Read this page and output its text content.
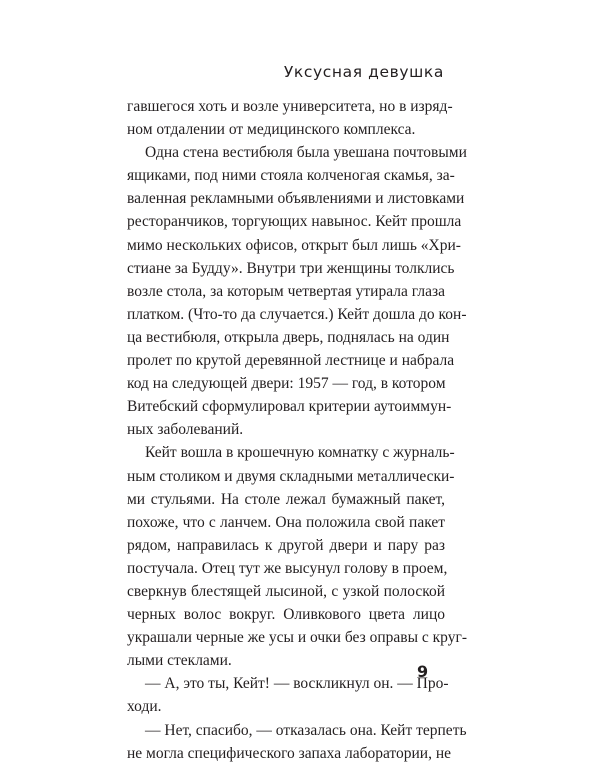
Уксусная девушка

гавшегося хоть и возле университета, но в изряд-
ном отдалении от медицинского комплекса.

Одна стена вестибюля была увешана почтовыми
ящиками, под ними стояла колченогая скамья, за-
валенная рекламными объявлениями и листовками
ресторанчиков, торгующих навынос. Кейт прошла
мимо нескольких офисов, открыт был лишь «Хри-
стиане за Будду». Внутри три женщины толклись
возле стола, за которым четвертая утирала глаза
платком. (Что-то да случается.) Кейт дошла до кон-
ца вестибюля, открыла дверь, поднялась на один
пролет по крутой деревянной лестнице и набрала
код на следующей двери: 1957 — год, в котором
Витебский сформулировал критерии аутоиммун-
ных заболеваний.

Кейт вошла в крошечную комнатку с журналь-
ным столиком и двумя складными металлически-
ми стульями. На столе лежал бумажный пакет,
похоже, что с ланчем. Она положила свой пакет
рядом, направилась к другой двери и пару раз
постучала. Отец тут же высунул голову в проем,
сверкнув блестящей лысиной, с узкой полоской
черных волос вокруг. Оливкового цвета лицо
украшали черные же усы и очки без оправы с круг-
лыми стеклами.

— А, это ты, Кейт! — воскликнул он. — Про-
ходи.

— Нет, спасибо, — отказалась она. Кейт терпеть
не могла специфического запаха лаборатории, не

9
